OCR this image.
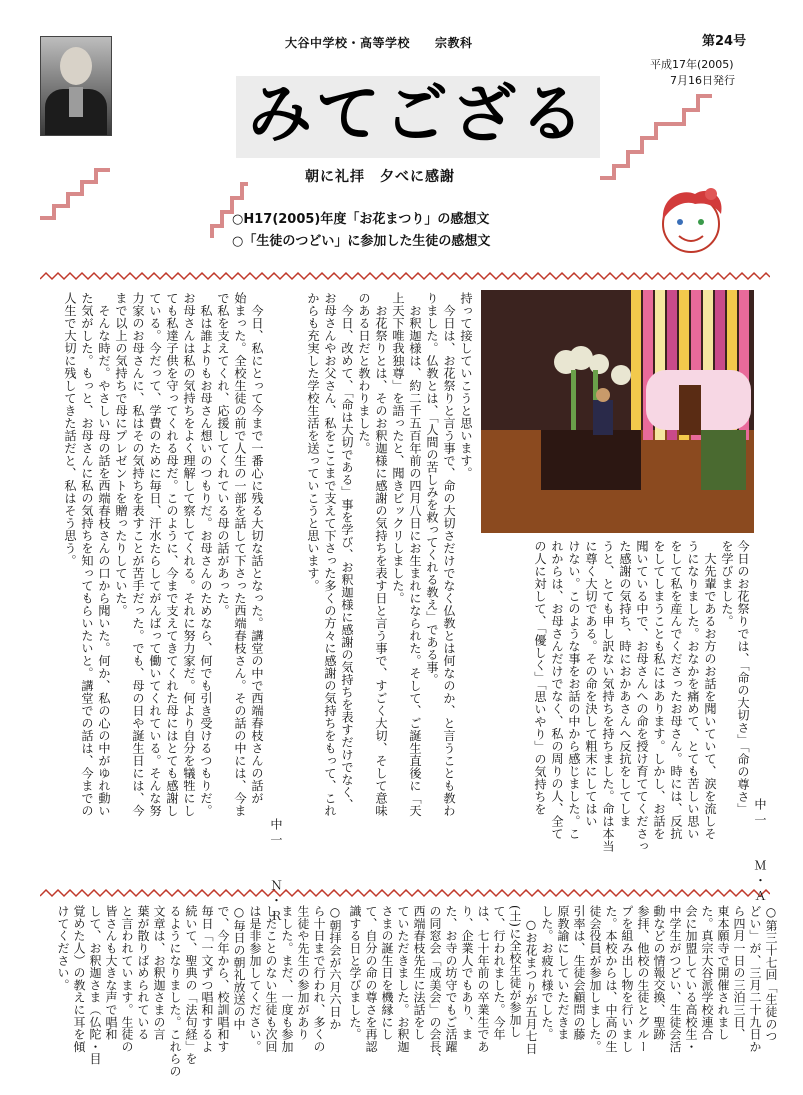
大谷中学校・高等学校　　宗教科	第24号
平成17年(2005)
7月16日発行
みてござる
朝に礼拝　夕べに感謝
○H17(2005)年度「お花まつり」の感想文
○「生徒のつどい」に参加した生徒の感想文
中一　　Ｍ・Ａ
今日のお花祭りでは、「命の大切さ」「命の尊さ」
を学びました。
　大先輩であるお方のお話を聞いていて、涙を流しそ
うになりました。おなかを痛めて、とても苦しい思い
をして私を産んでくださったお母さん。時には、反抗
をしてしまうことも私にはあります。しかし、お話を
聞いている中で、お母さんへの命を授け育ててくださっ
た感謝の気持ち、時におかあさんへ反抗をしてしま
うと、とても申し訳ない気持ちを持ちました。命は本当
に尊く大切である。その命を決して粗末にしてはい
けない。このような事をお話の中から感じました。こ
れからは、お母さんだけでなく、私の周りの人、全て
の人に対して、「優しく」「思いやり」の気持ちを
持って接していこうと思います。
　今日は、お花祭りと言う事で、命の大切さだけでなく仏教とは何なのか、と言うことも教わ
りました。仏教とは、「人間の苦しみを救ってくれる教え」である事。
　お釈迦様は、約二千五百年前の四月八日にお生まれになられた。そして、ご誕生直後に「天
上天下唯我独尊」を語ったと、聞きビックリしました。
　お花祭りとは、そのお釈迦様に感謝の気持ちを表す日と言う事で、すごく大切、そして意味
のある日だと教わりました。
　今日、改めて、「命は大切である」事を学び、お釈迦様に感謝の気持ちを表すだけでなく、
お母さんやお父さん、私をここまで支えて下さった多くの方々に感謝の気持ちをもって、これ
からも充実した学校生活を送っていこうと思います。
中一　　Ｎ・Ｒ
　今日、私にとって今まで一番心に残る大切な話となった。講堂の中で西端春枝さんの話が
始まった。全校生徒の前で人生の一部を話して下さった西端春枝さん。その話の中には、今ま
で私を支えてくれ、応援してくれている母の話があった。
　私は誰よりもお母さん想いのつもりだ。お母さんのためなら、何でも引き受けるつもりだ。
お母さんは私の気持ちをよく理解して察してくれる。それに努力家だ。何より自分を犠牲にし
ても私達子供を守ってくれる母だ。このように、今まで支えてきてくれた母にはとても感謝し
ている。今だって、学費のために毎日、汗水たらしてがんばって働いてくれている。そんな努
力家のお母さんに、私はその気持ちを表すことが苦手だった。でも、母の日や誕生日には、今
まで以上の気持ちで母にプレゼントを贈ったりしていた。
　そんな時だ。やさしい母の話を西端春枝さんの口から聞いた。何か、私の心の中がゆれ動い
た気がした。もっと、お母さんに私の気持ちを知ってもらいたいと。講堂での話は、今までの
人生で大切に残してきた話だと、私はそう思う。
○第三十七回「生徒のつ
どい」が、三月二十九日か
ら四月一日の三泊三日、
東本願寺で開催されまし
た。真宗大谷派学校連合
会に加盟している高校生・
中学生がつどい、生徒会活
動などの情報交換、聖跡
参拝、他校の生徒とグルー
プを組み出し物を行いまし
た。本校からは、中高の生
徒会役員が参加しました。
引率は、生徒会顧問の藤
原教諭にしていただきま
した。お疲れ様でした。
　○お花まつりが五月七日
(土)に全校生徒が参加し
て、行われました。今年
は、七十年前の卒業生であ
り、企業人でもあり、ま
た、お寺の坊守でもご活躍
の同窓会「成美会」の会長、
西端春枝先生に法話をし
ていただきました。お釈迦
さまの誕生日を機縁にし
て、自分の命の尊さを再認
識する日と学びました。
○朝拝会が六月六日か
ら十日まで行われ、多くの
生徒や先生の参加があり
ました。まだ、一度も参加
したことのない生徒も次回
は是非参加してください。
○毎日の朝礼放送の中
で、今年から、校訓唱和す
毎日「一文ずつ唱和するよ
続いて、聖典の「法句経」を
るようになりました。これらの
文章は、お釈迦さまの言
葉が散りばめられている
と言われています。生徒の
皆さんも大きな声で唱和
して、お釈迦さま（仏陀・目
覚めた人）の教えに耳を傾
けてください。
